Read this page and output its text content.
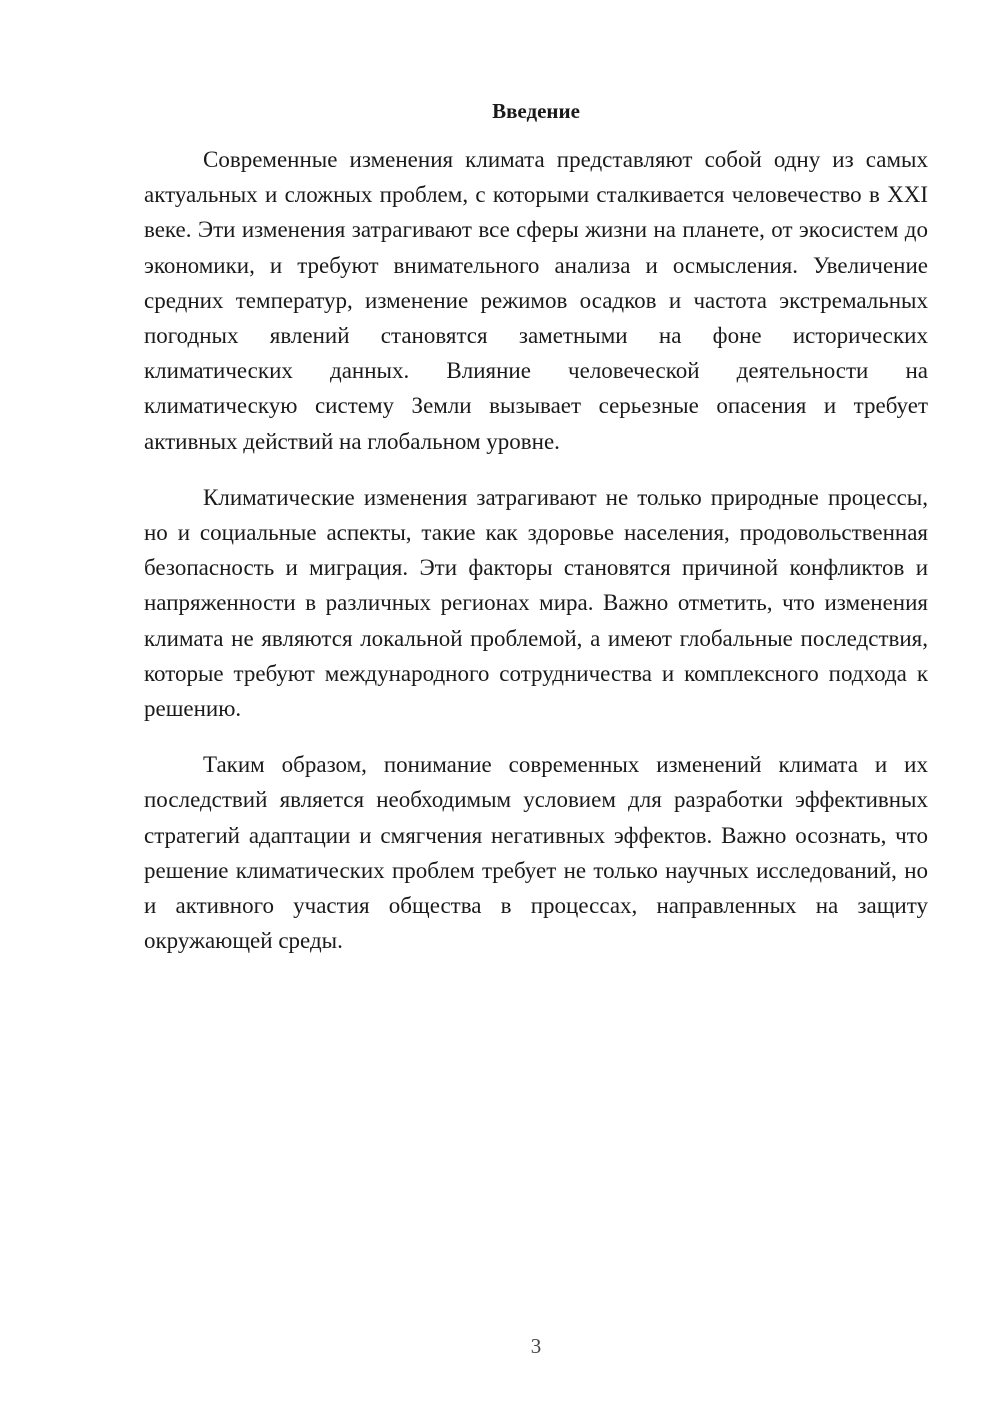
Введение

Современные изменения климата представляют собой одну из самых актуальных и сложных проблем, с которыми сталкивается человечество в XXI веке. Эти изменения затрагивают все сферы жизни на планете, от экосистем до экономики, и требуют внимательного анализа и осмысления. Увеличение средних температур, изменение режимов осадков и частота экстремальных погодных явлений становятся заметными на фоне исторических климатических данных. Влияние человеческой деятельности на климатическую систему Земли вызывает серьезные опасения и требует активных действий на глобальном уровне.

Климатические изменения затрагивают не только природные процессы, но и социальные аспекты, такие как здоровье населения, продовольственная безопасность и миграция. Эти факторы становятся причиной конфликтов и напряженности в различных регионах мира. Важно отметить, что изменения климата не являются локальной проблемой, а имеют глобальные последствия, которые требуют международного сотрудничества и комплексного подхода к решению.

Таким образом, понимание современных изменений климата и их последствий является необходимым условием для разработки эффективных стратегий адаптации и смягчения негативных эффектов. Важно осознать, что решение климатических проблем требует не только научных исследований, но и активного участия общества в процессах, направленных на защиту окружающей среды.

3
